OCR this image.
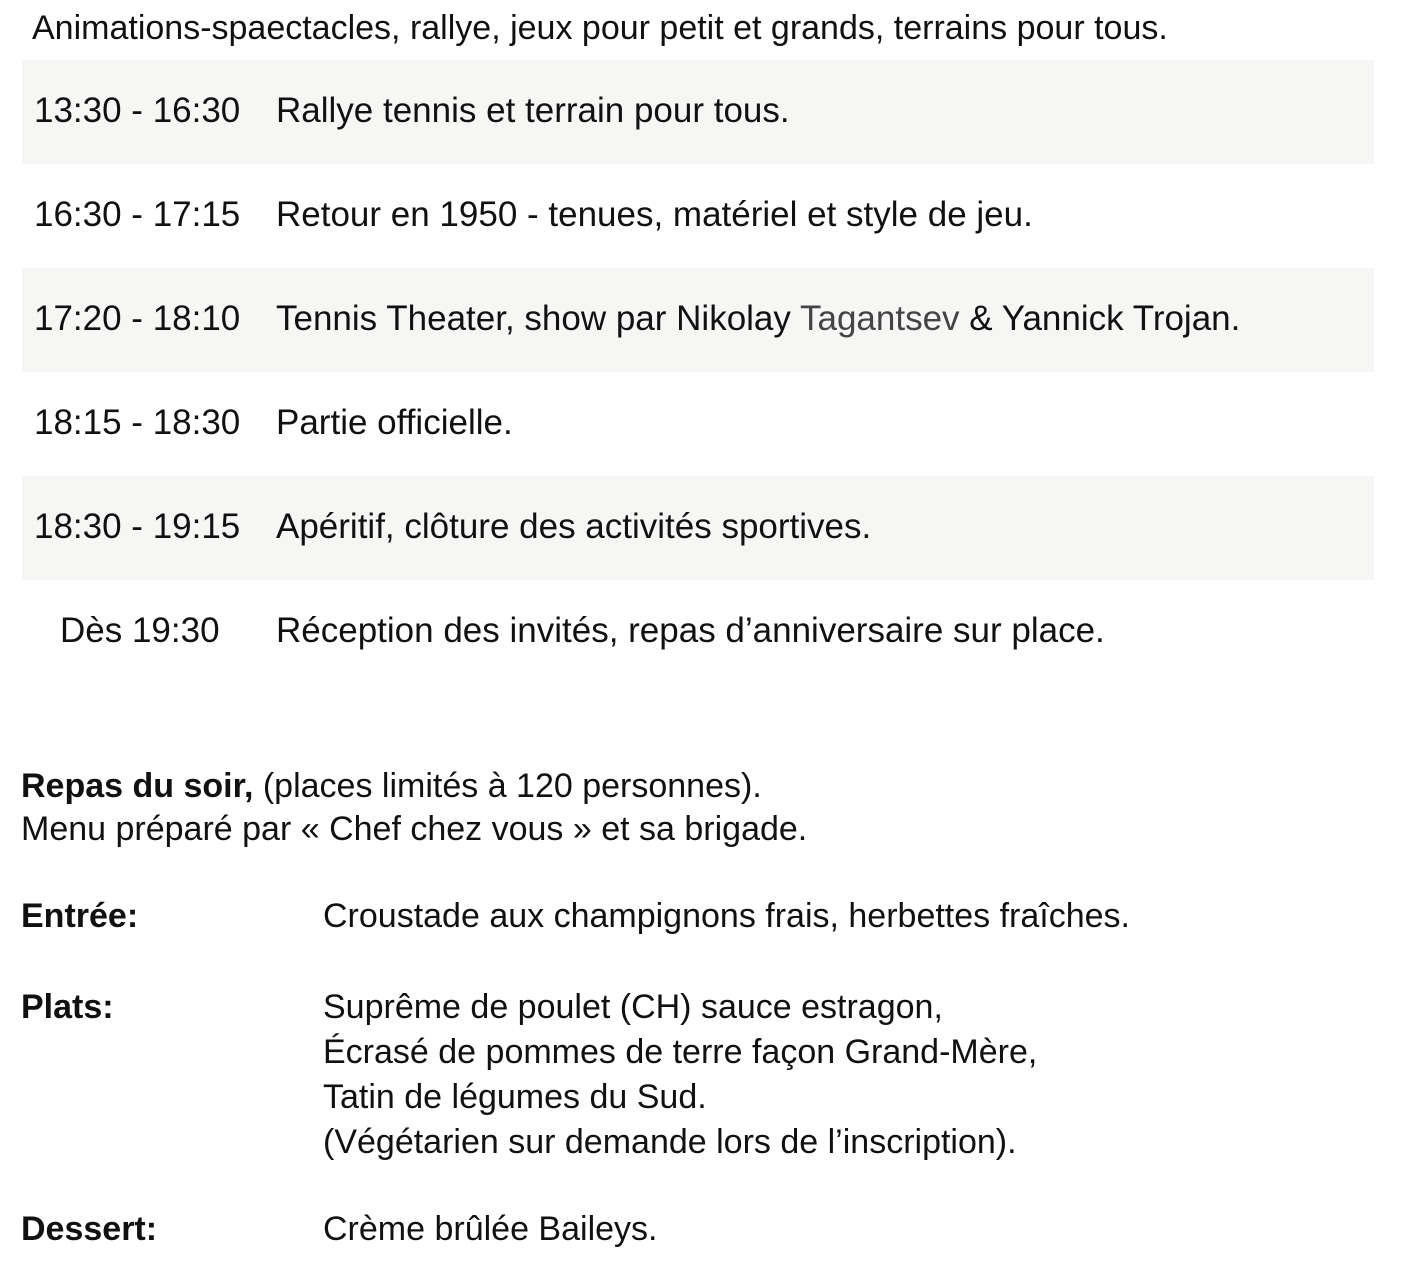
Animations-spaectacles, rallye, jeux pour petit et grands, terrains pour tous.
13:30 - 16:30 Rallye tennis et terrain pour tous.
16:30 - 17:15 Retour en 1950 - tenues, matériel et style de jeu.
17:20 - 18:10 Tennis Theater, show par Nikolay Tagantsev & Yannick Trojan.
18:15 - 18:30 Partie officielle.
18:30 - 19:15 Apéritif, clôture des activités sportives.
Dès 19:30 Réception des invités, repas d’anniversaire sur place.
Repas du soir, (places limités à 120 personnes).
Menu préparé par « Chef chez vous » et sa brigade.
Entrée:	Croustade aux champignons frais, herbettes fraîches.
Plats:	Suprême de poulet (CH) sauce estragon,
Écrasé de pommes de terre façon Grand-Mère,
Tatin de légumes du Sud.
(Végétarien sur demande lors de l’inscription).
Dessert:	Crème brûlée Baileys.
